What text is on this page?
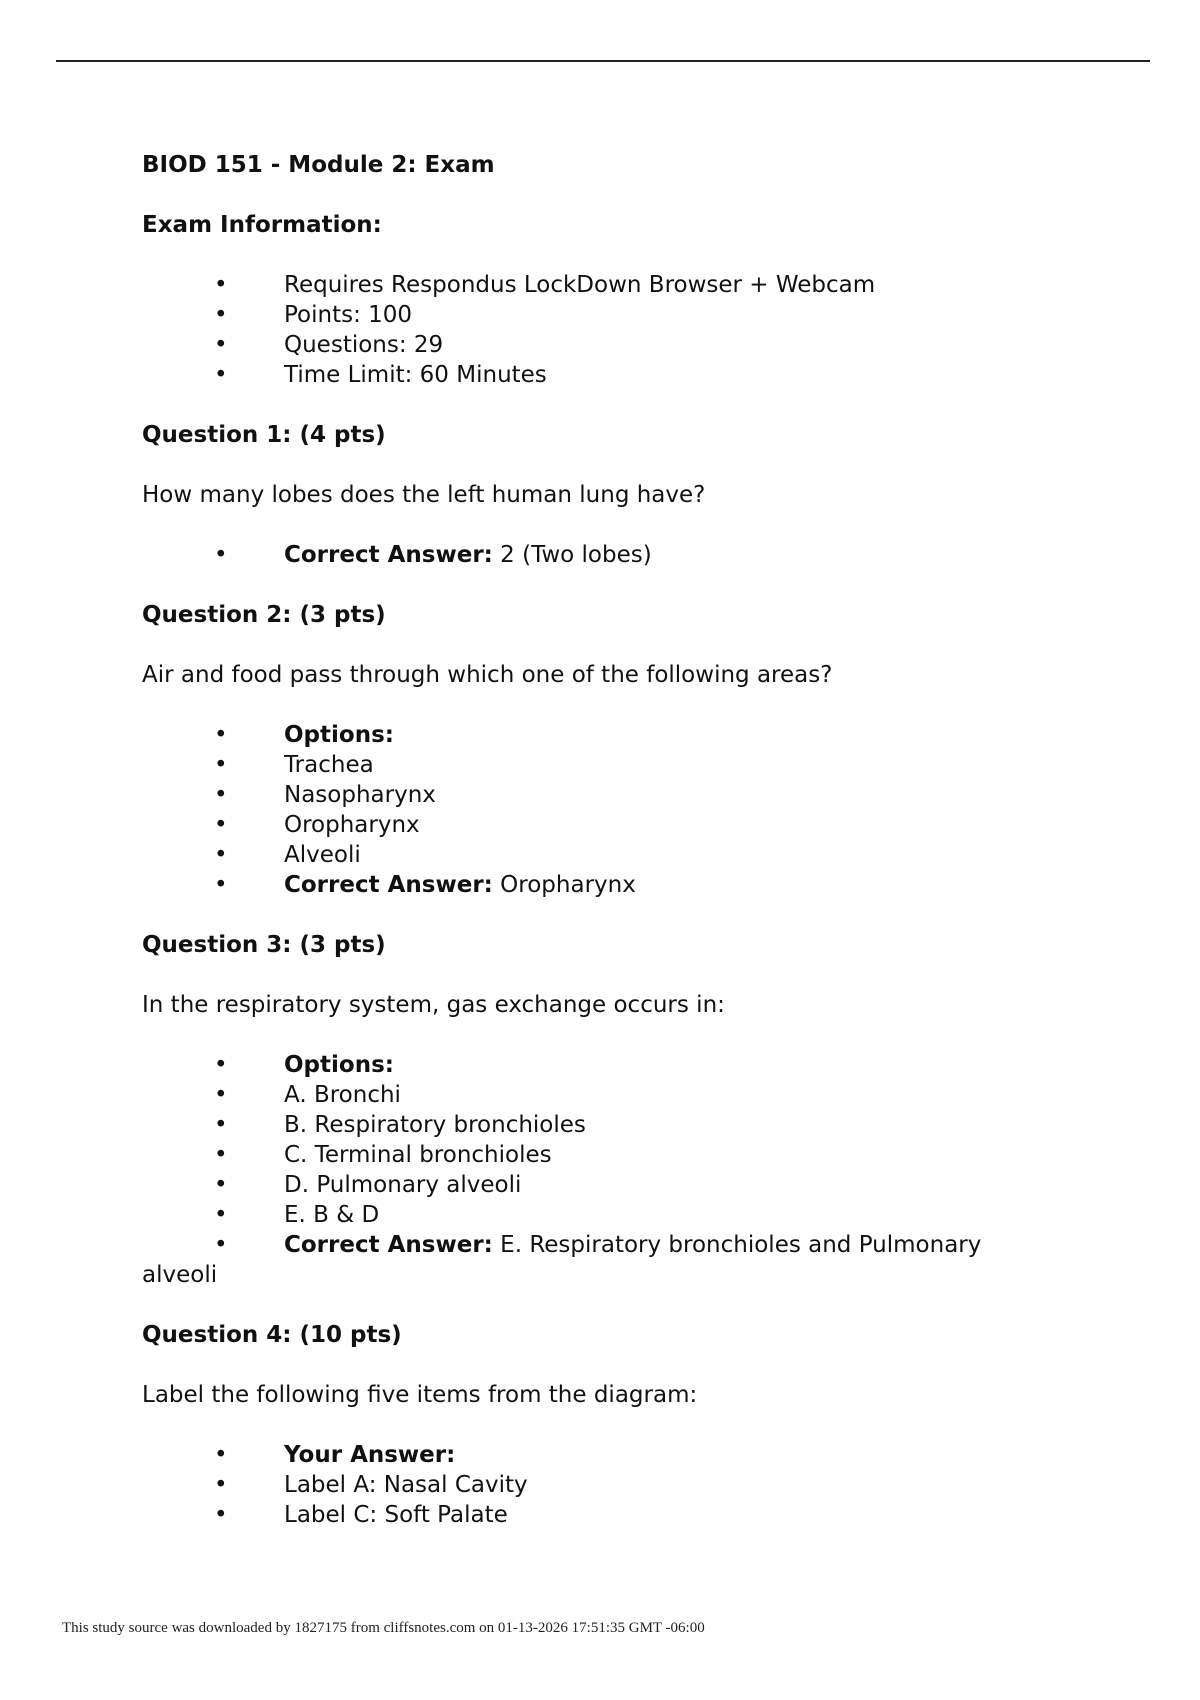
BIOD 151 - Module 2: Exam

Exam Information:

• Requires Respondus LockDown Browser + Webcam
• Points: 100
• Questions: 29
• Time Limit: 60 Minutes

Question 1: (4 pts)

How many lobes does the left human lung have?

• Correct Answer: 2 (Two lobes)

Question 2: (3 pts)

Air and food pass through which one of the following areas?

• Options:
• Trachea
• Nasopharynx
• Oropharynx
• Alveoli
• Correct Answer: Oropharynx

Question 3: (3 pts)

In the respiratory system, gas exchange occurs in:

• Options:
• A. Bronchi
• B. Respiratory bronchioles
• C. Terminal bronchioles
• D. Pulmonary alveoli
• E. B & D
• Correct Answer: E. Respiratory bronchioles and Pulmonary
alveoli

Question 4: (10 pts)

Label the following five items from the diagram:

• Your Answer:
• Label A: Nasal Cavity
• Label C: Soft Palate
This study source was downloaded by 1827175 from cliffsnotes.com on 01-13-2026 17:51:35 GMT -06:00
